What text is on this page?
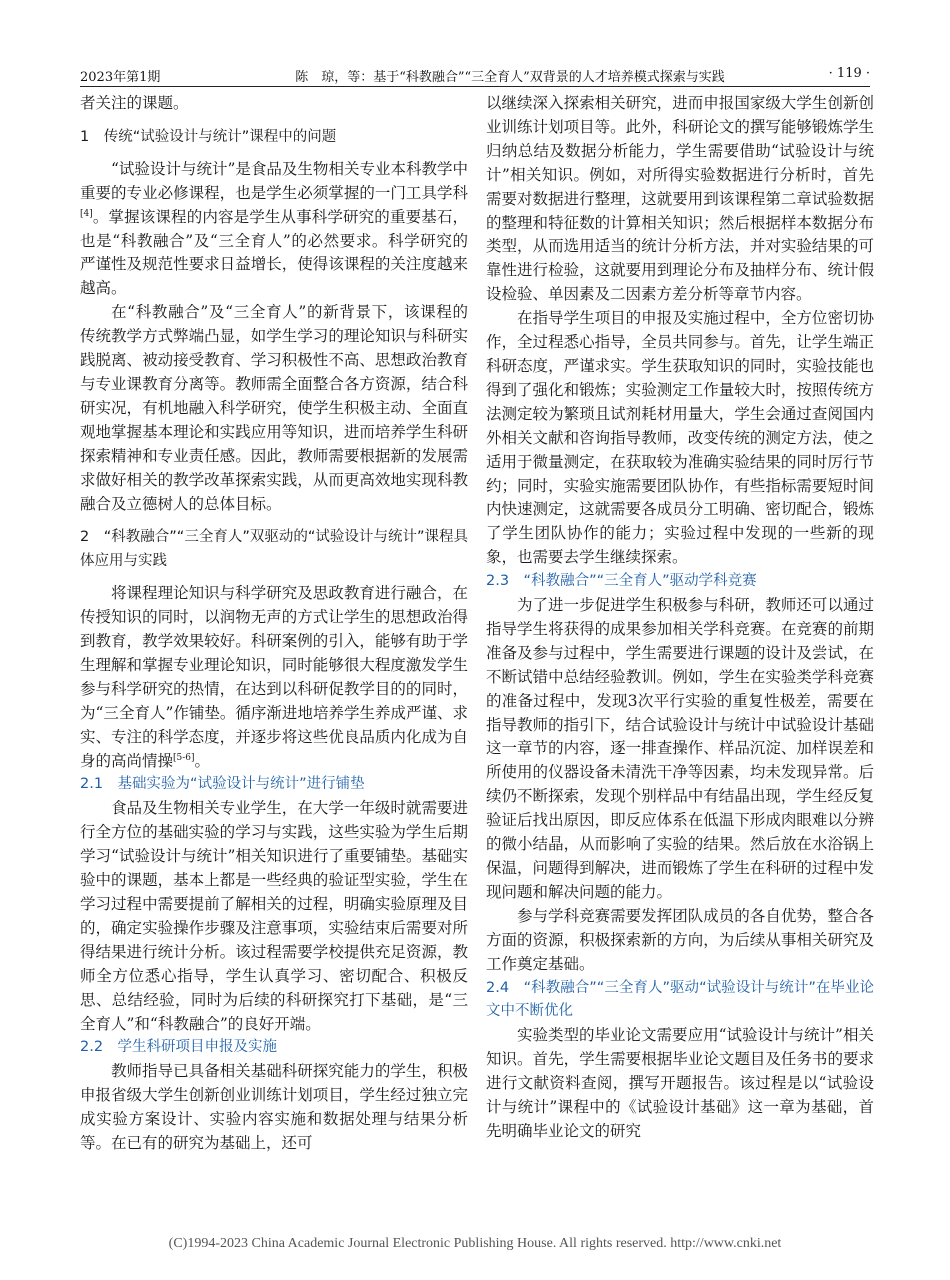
2023年第1期	陈　琼，等：基于“科教融合”“三全育人”双背景的人才培养模式探索与实践	· 119 ·

者关注的课题。

1　传统“试验设计与统计”课程中的问题

“试验设计与统计”是食品及生物相关专业本科教学中重要的专业必修课程，也是学生必须掌握的一门工具学科[4]。掌握该课程的内容是学生从事科学研究的重要基石，也是“科教融合”及“三全育人”的必然要求。科学研究的严谨性及规范性要求日益增长，使得该课程的关注度越来越高。

在“科教融合”及“三全育人”的新背景下，该课程的传统教学方式弊端凸显，如学生学习的理论知识与科研实践脱离、被动接受教育、学习积极性不高、思想政治教育与专业课教育分离等。教师需全面整合各方资源，结合科研实况，有机地融入科学研究，使学生积极主动、全面直观地掌握基本理论和实践应用等知识，进而培养学生科研探索精神和专业责任感。因此，教师需要根据新的发展需求做好相关的教学改革探索实践，从而更高效地实现科教融合及立德树人的总体目标。

2　“科教融合”“三全育人”双驱动的“试验设计与统计”课程具体应用与实践

将课程理论知识与科学研究及思政教育进行融合，在传授知识的同时，以润物无声的方式让学生的思想政治得到教育，教学效果较好。科研案例的引入，能够有助于学生理解和掌握专业理论知识，同时能够很大程度激发学生参与科学研究的热情，在达到以科研促教学目的的同时，为“三全育人”作铺垫。循序渐进地培养学生养成严谨、求实、专注的科学态度，并逐步将这些优良品质内化成为自身的高尚情操[5-6]。

2.1　基础实验为“试验设计与统计”进行铺垫

食品及生物相关专业学生，在大学一年级时就需要进行全方位的基础实验的学习与实践，这些实验为学生后期学习“试验设计与统计”相关知识进行了重要铺垫。基础实验中的课题，基本上都是一些经典的验证型实验，学生在学习过程中需要提前了解相关的过程，明确实验原理及目的，确定实验操作步骤及注意事项，实验结束后需要对所得结果进行统计分析。该过程需要学校提供充足资源，教师全方位悉心指导，学生认真学习、密切配合、积极反思、总结经验，同时为后续的科研探究打下基础，是“三全育人”和“科教融合”的良好开端。

2.2　学生科研项目申报及实施

教师指导已具备相关基础科研探究能力的学生，积极申报省级大学生创新创业训练计划项目，学生经过独立完成实验方案设计、实验内容实施和数据处理与结果分析等。在已有的研究为基础上，还可

以继续深入探索相关研究，进而申报国家级大学生创新创业训练计划项目等。此外，科研论文的撰写能够锻炼学生归纳总结及数据分析能力，学生需要借助“试验设计与统计”相关知识。例如，对所得实验数据进行分析时，首先需要对数据进行整理，这就要用到该课程第二章试验数据的整理和特征数的计算相关知识；然后根据样本数据分布类型，从而选用适当的统计分析方法，并对实验结果的可靠性进行检验，这就要用到理论分布及抽样分布、统计假设检验、单因素及二因素方差分析等章节内容。

在指导学生项目的申报及实施过程中，全方位密切协作，全过程悉心指导，全员共同参与。首先，让学生端正科研态度，严谨求实。学生获取知识的同时，实验技能也得到了强化和锻炼；实验测定工作量较大时，按照传统方法测定较为繁琐且试剂耗材用量大，学生会通过查阅国内外相关文献和咨询指导教师，改变传统的测定方法，使之适用于微量测定，在获取较为准确实验结果的同时厉行节约；同时，实验实施需要团队协作，有些指标需要短时间内快速测定，这就需要各成员分工明确、密切配合，锻炼了学生团队协作的能力；实验过程中发现的一些新的现象，也需要去学生继续探索。

2.3　“科教融合”“三全育人”驱动学科竞赛

为了进一步促进学生积极参与科研，教师还可以通过指导学生将获得的成果参加相关学科竞赛。在竞赛的前期准备及参与过程中，学生需要进行课题的设计及尝试，在不断试错中总结经验教训。例如，学生在实验类学科竞赛的准备过程中，发现3次平行实验的重复性极差，需要在指导教师的指引下，结合试验设计与统计中试验设计基础这一章节的内容，逐一排查操作、样品沉淀、加样误差和所使用的仪器设备未清洗干净等因素，均未发现异常。后续仍不断探索，发现个别样品中有结晶出现，学生经反复验证后找出原因，即反应体系在低温下形成肉眼难以分辨的微小结晶，从而影响了实验的结果。然后放在水浴锅上保温，问题得到解决，进而锻炼了学生在科研的过程中发现问题和解决问题的能力。

参与学科竞赛需要发挥团队成员的各自优势，整合各方面的资源，积极探索新的方向，为后续从事相关研究及工作奠定基础。

2.4　“科教融合”“三全育人”驱动“试验设计与统计”在毕业论文中不断优化

实验类型的毕业论文需要应用“试验设计与统计”相关知识。首先，学生需要根据毕业论文题目及任务书的要求进行文献资料查阅，撰写开题报告。该过程是以“试验设计与统计”课程中的《试验设计基础》这一章为基础，首先明确毕业论文的研究

(C)1994-2023 China Academic Journal Electronic Publishing House. All rights reserved. http://www.cnki.net
